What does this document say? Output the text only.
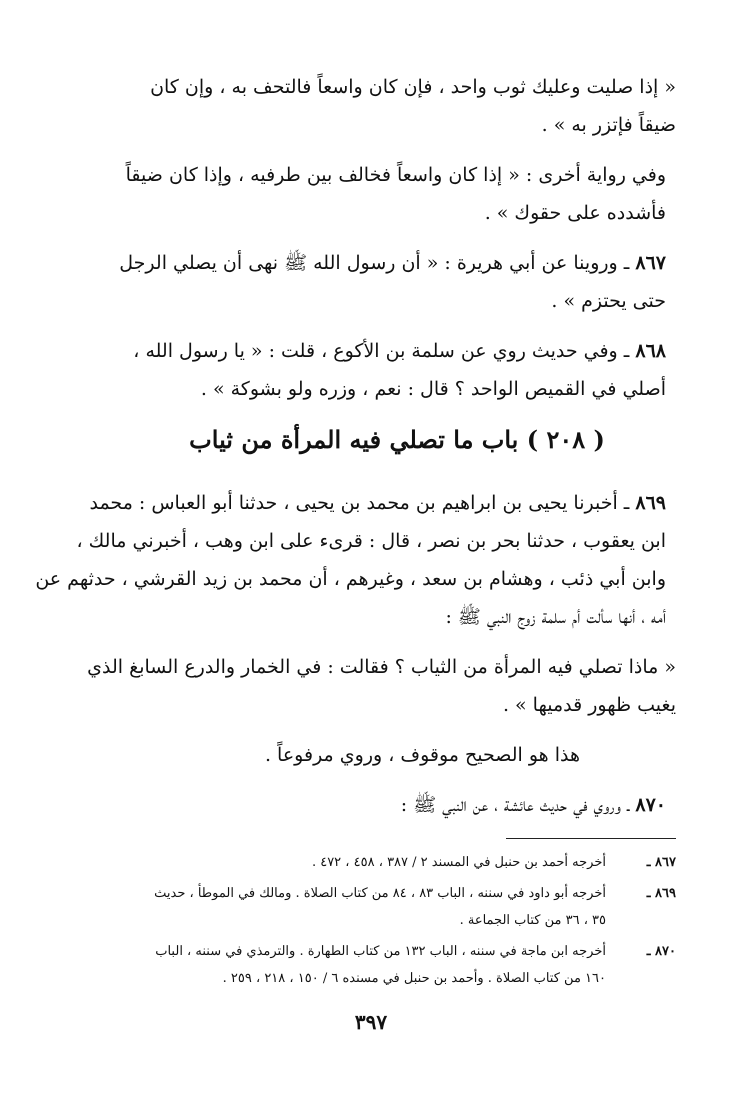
« إذا صليت وعليك ثوب واحد ، فإن كان واسعاً فالتحف به ، وإن كان
ضيقاً فإتزر به » .
وفي رواية أخرى : « إذا كان واسعاً فخالف بين طرفيه ، وإذا كان ضيقاً
فأشدده على حقوك » .
٨٦٧ ـ وروينا عن أبي هريرة : « أن رسول الله ﷺ نهى أن يصلي الرجل
حتى يحتزم » .
٨٦٨ ـ وفي حديث روي عن سلمة بن الأكوع ، قلت : « يا رسول الله ،
أصلي في القميص الواحد ؟ قال : نعم ، وزره ولو بشوكة » .
( ٢٠٨ ) باب ما تصلي فيه المرأة من ثياب
٨٦٩ ـ أخبرنا يحيى بن ابراهيم بن محمد بن يحيى ، حدثنا أبو العباس : محمد
ابن يعقوب ، حدثنا بحر بن نصر ، قال : قرىء على ابن وهب ، أخبرني مالك ،
وابن أبي ذئب ، وهشام بن سعد ، وغيرهم ، أن محمد بن زيد القرشي ، حدثهم عن
أمه ، أنها سألت أم سلمة زوج النبي ﷺ :
« ماذا تصلي فيه المرأة من الثياب ؟ فقالت : في الخمار والدرع السابغ الذي
يغيب ظهور قدميها » .
هذا هو الصحيح موقوف ، وروي مرفوعاً .
٨٧٠ ـ وروي في حديث عائشة ، عن النبي ﷺ :
٨٦٧ ـ
أخرجه أحمد بن حنبل في المسند ٢ / ٣٨٧ ، ٤٥٨ ، ٤٧٢ .
٨٦٩ ـ
أخرجه أبو داود في سننه ، الباب ٨٣ ، ٨٤ من كتاب الصلاة . ومالك في الموطأ ، حديث
٣٥ ، ٣٦ من كتاب الجماعة .
٨٧٠ ـ
أخرجه ابن ماجة في سننه ، الباب ١٣٢ من كتاب الطهارة . والترمذي في سننه ، الباب
١٦٠ من كتاب الصلاة . وأحمد بن حنبل في مسنده ٦ / ١٥٠ ، ٢١٨ ، ٢٥٩ .
٣٩٧
